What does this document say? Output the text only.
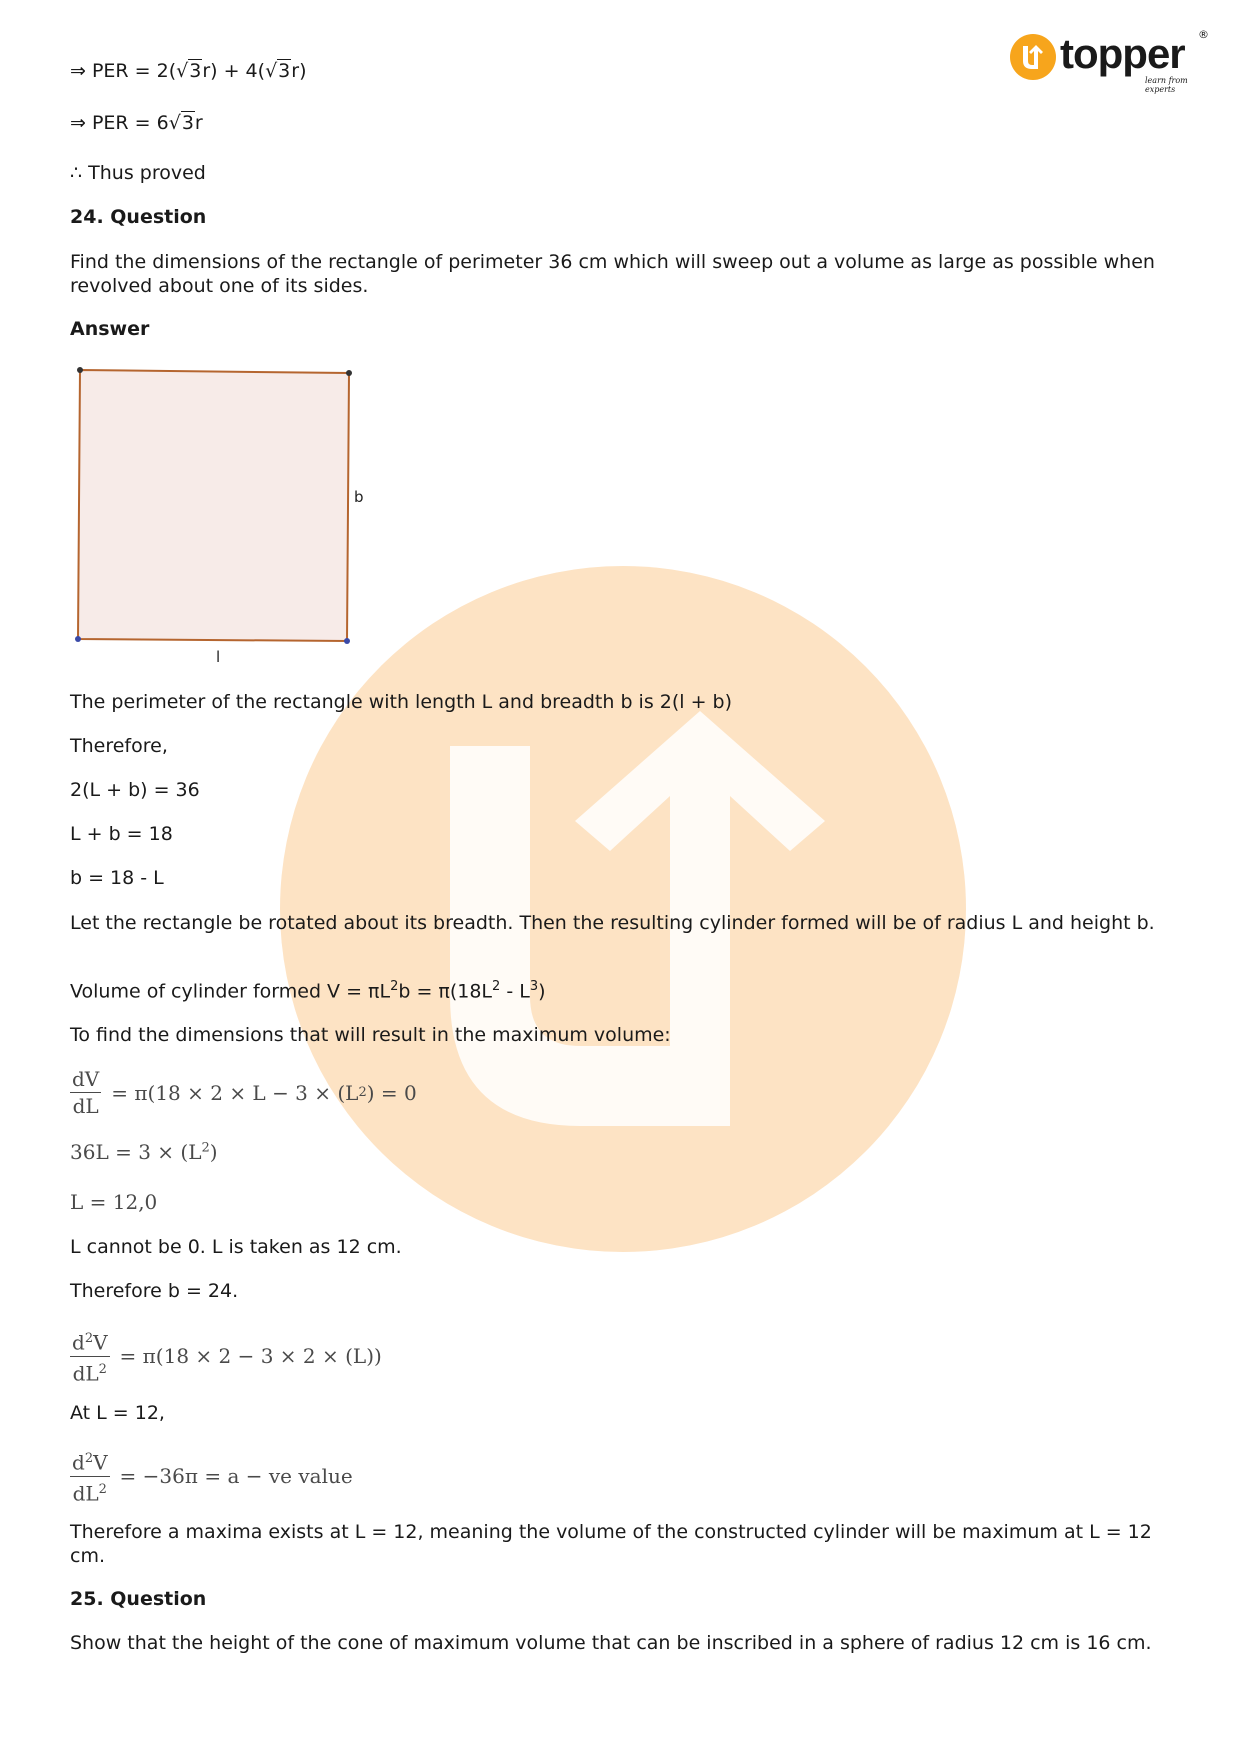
topper ®
learn from experts
⇒ PER = 2(√3r) + 4(√3r)
⇒ PER = 6√3r
∴ Thus proved
24. Question
Find the dimensions of the rectangle of perimeter 36 cm which will sweep out a volume as large as possible when revolved about one of its sides.
Answer
b
l
The perimeter of the rectangle with length L and breadth b is 2(l + b)
Therefore,
2(L + b) = 36
L + b = 18
b = 18 - L
Let the rectangle be rotated about its breadth. Then the resulting cylinder formed will be of radius L and height b.
Volume of cylinder formed $V = \pi L^2b = \pi(18L^2 - L^3)$
To find the dimensions that will result in the maximum volume:
$\frac{dV}{dL} = \pi(18 \times 2 \times L - 3 \times (L$ 2 ) = 0
$36L = 3 \times (L^2)$
L = 12,0
L cannot be 0. L is taken as 12 cm.
Therefore b = 24.
$\frac{d^2V}{dL^2} = \pi(18 \times 2 - 3 \times 2 \times (L))$
At L = 12,
$\frac{d^2V}{dL^2} = -36\pi = a$ − ve value
Therefore a maxima exists at L = 12, meaning the volume of the constructed cylinder will be maximum at L = 12 cm.
25. Question
Show that the height of the cone of maximum volume that can be inscribed in a sphere of radius 12 cm is 16 cm.
